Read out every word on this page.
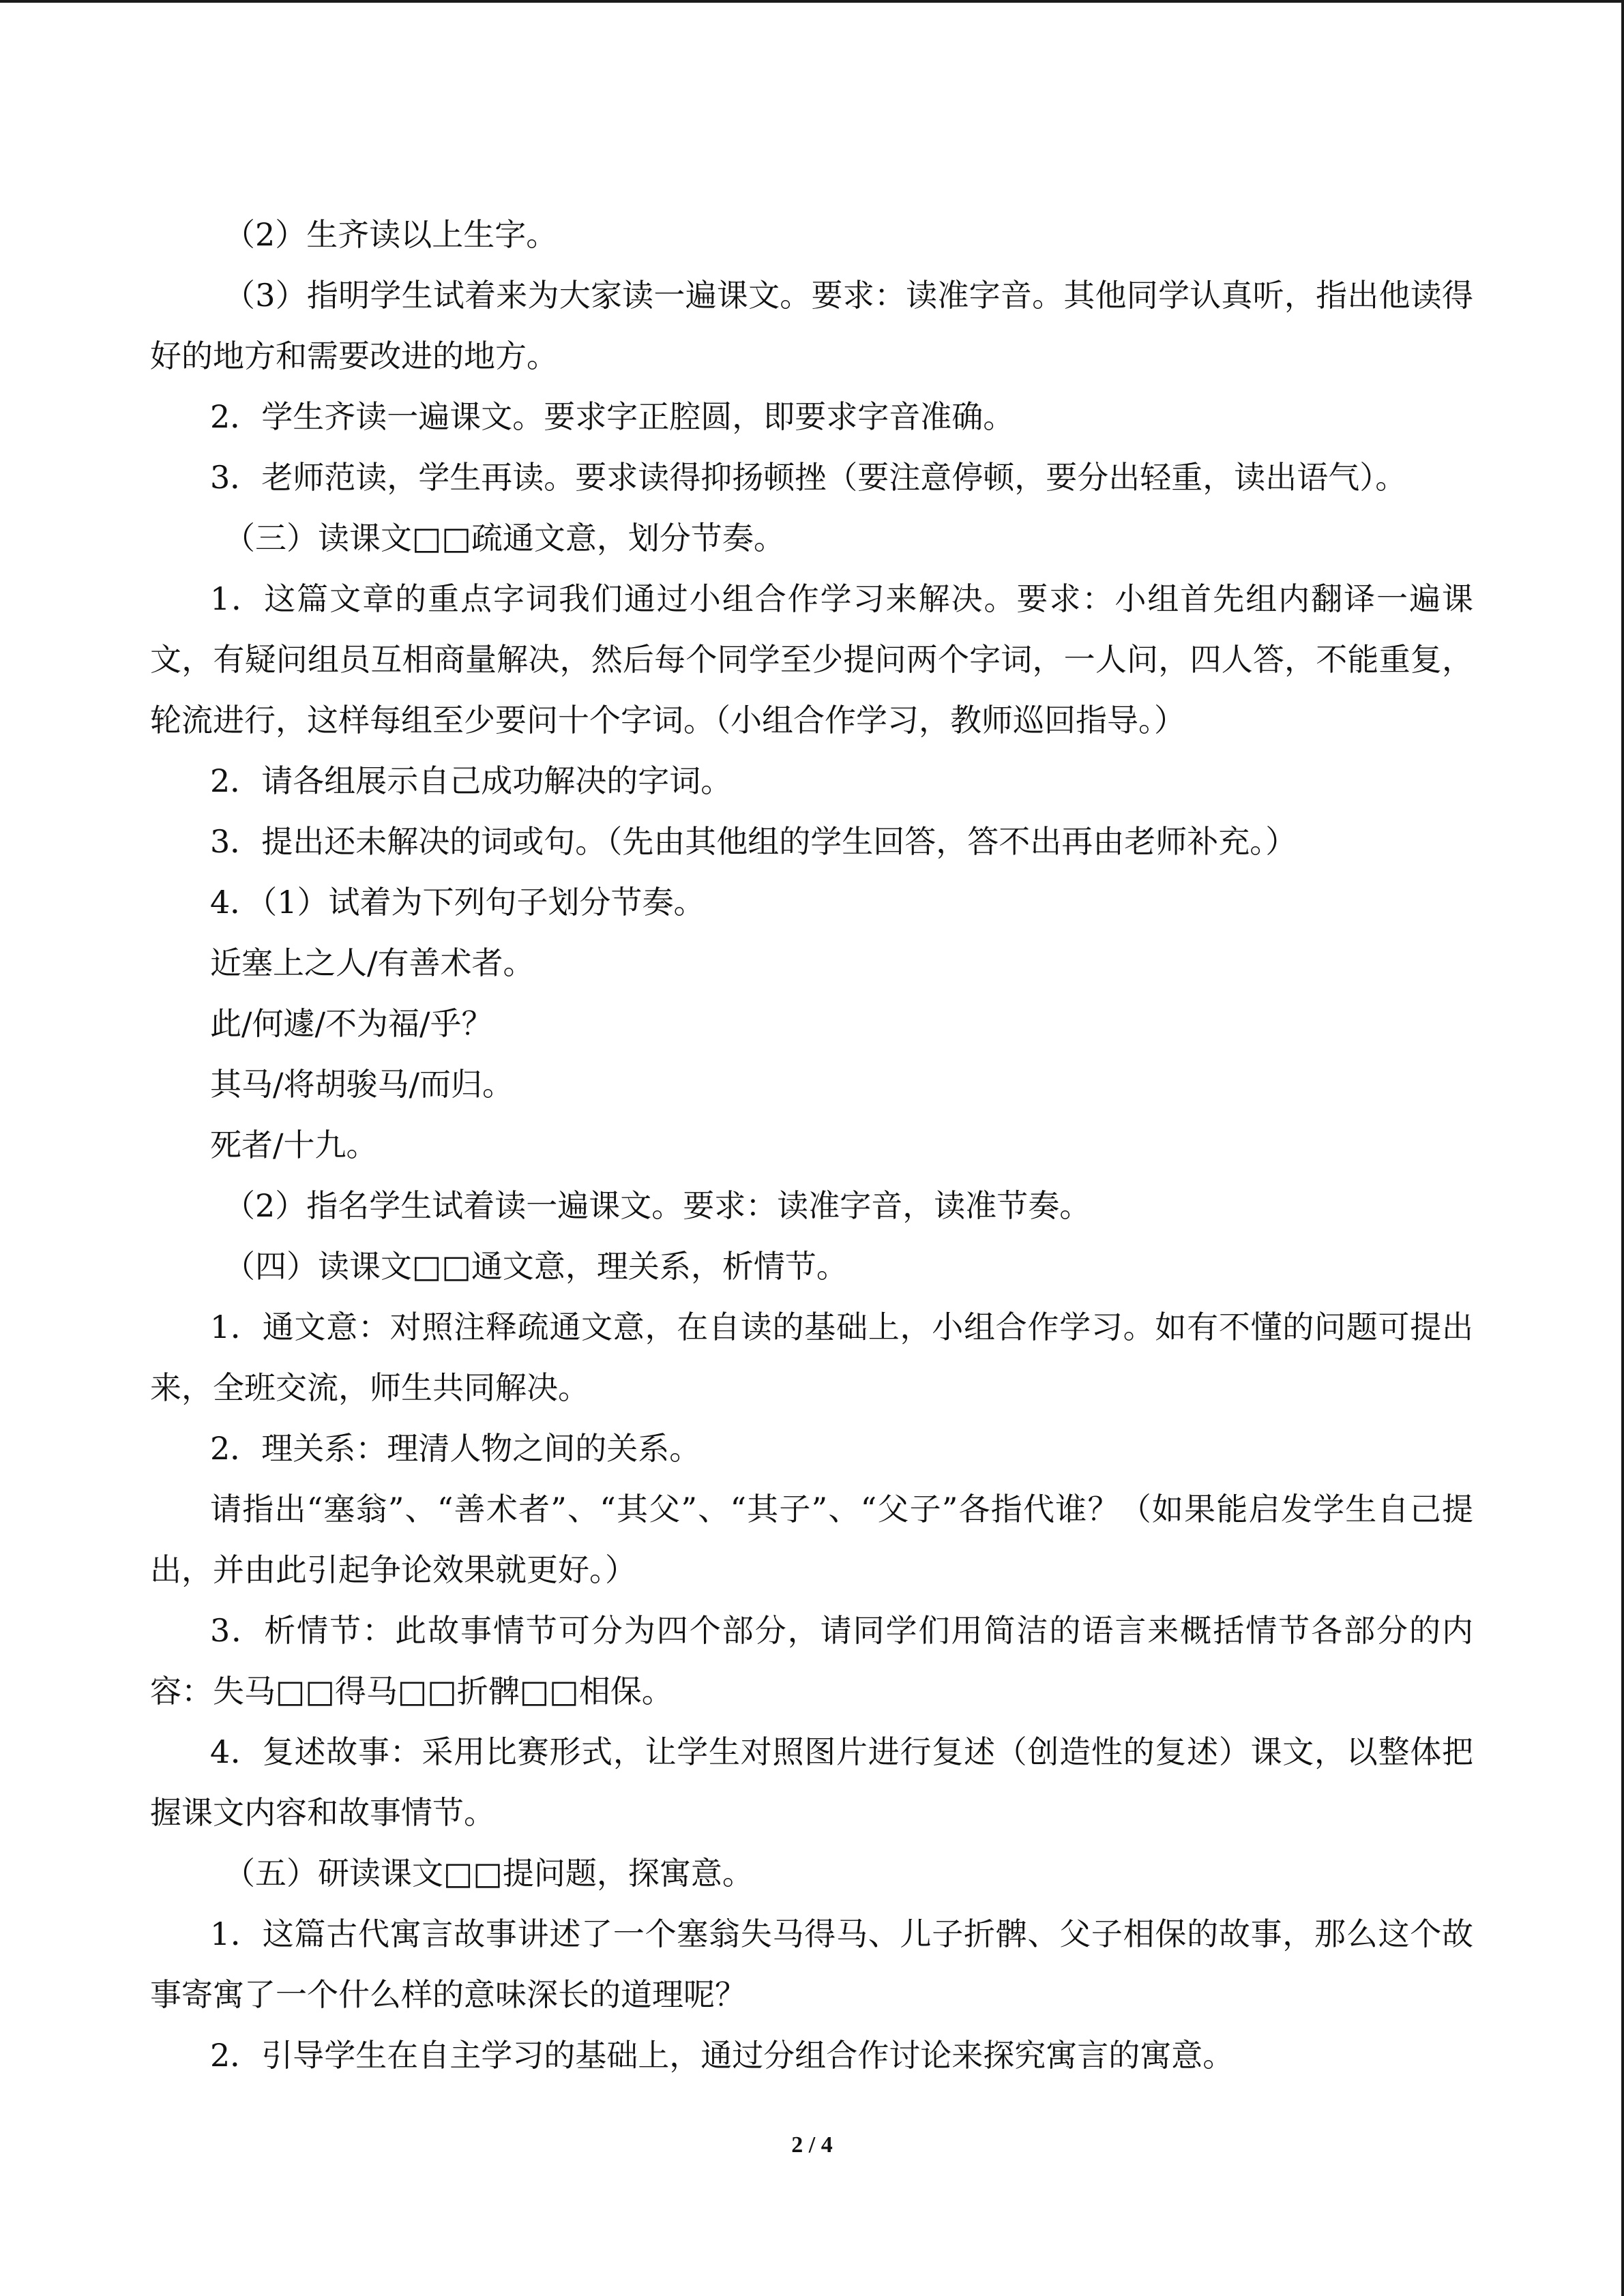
（2）生齐读以上生字。

（3）指明学生试着来为大家读一遍课文。要求：读准字音。其他同学认真听，指出他读得好的地方和需要改进的地方。

2．学生齐读一遍课文。要求字正腔圆，即要求字音准确。

3．老师范读，学生再读。要求读得抑扬顿挫（要注意停顿，要分出轻重，读出语气）。

（三）读课文□□疏通文意，划分节奏。

1．这篇文章的重点字词我们通过小组合作学习来解决。要求：小组首先组内翻译一遍课文，有疑问组员互相商量解决，然后每个同学至少提问两个字词，一人问，四人答，不能重复，轮流进行，这样每组至少要问十个字词。（小组合作学习，教师巡回指导。）

2．请各组展示自己成功解决的字词。

3．提出还未解决的词或句。（先由其他组的学生回答，答不出再由老师补充。）

4．（1）试着为下列句子划分节奏。

近塞上之人/有善术者。

此/何遽/不为福/乎？

其马/将胡骏马/而归。

死者/十九。

（2）指名学生试着读一遍课文。要求：读准字音，读准节奏。

（四）读课文□□通文意，理关系，析情节。

1．通文意：对照注释疏通文意，在自读的基础上，小组合作学习。如有不懂的问题可提出来，全班交流，师生共同解决。

2．理关系：理清人物之间的关系。

请指出“塞翁”、“善术者”、“其父”、“其子”、“父子”各指代谁？（如果能启发学生自己提出，并由此引起争论效果就更好。）

3．析情节：此故事情节可分为四个部分，请同学们用简洁的语言来概括情节各部分的内容：失马□□得马□□折髀□□相保。

4．复述故事：采用比赛形式，让学生对照图片进行复述（创造性的复述）课文，以整体把握课文内容和故事情节。

（五）研读课文□□提问题，探寓意。

1．这篇古代寓言故事讲述了一个塞翁失马得马、儿子折髀、父子相保的故事，那么这个故事寄寓了一个什么样的意味深长的道理呢？

2．引导学生在自主学习的基础上，通过分组合作讨论来探究寓言的寓意。

2 / 4
